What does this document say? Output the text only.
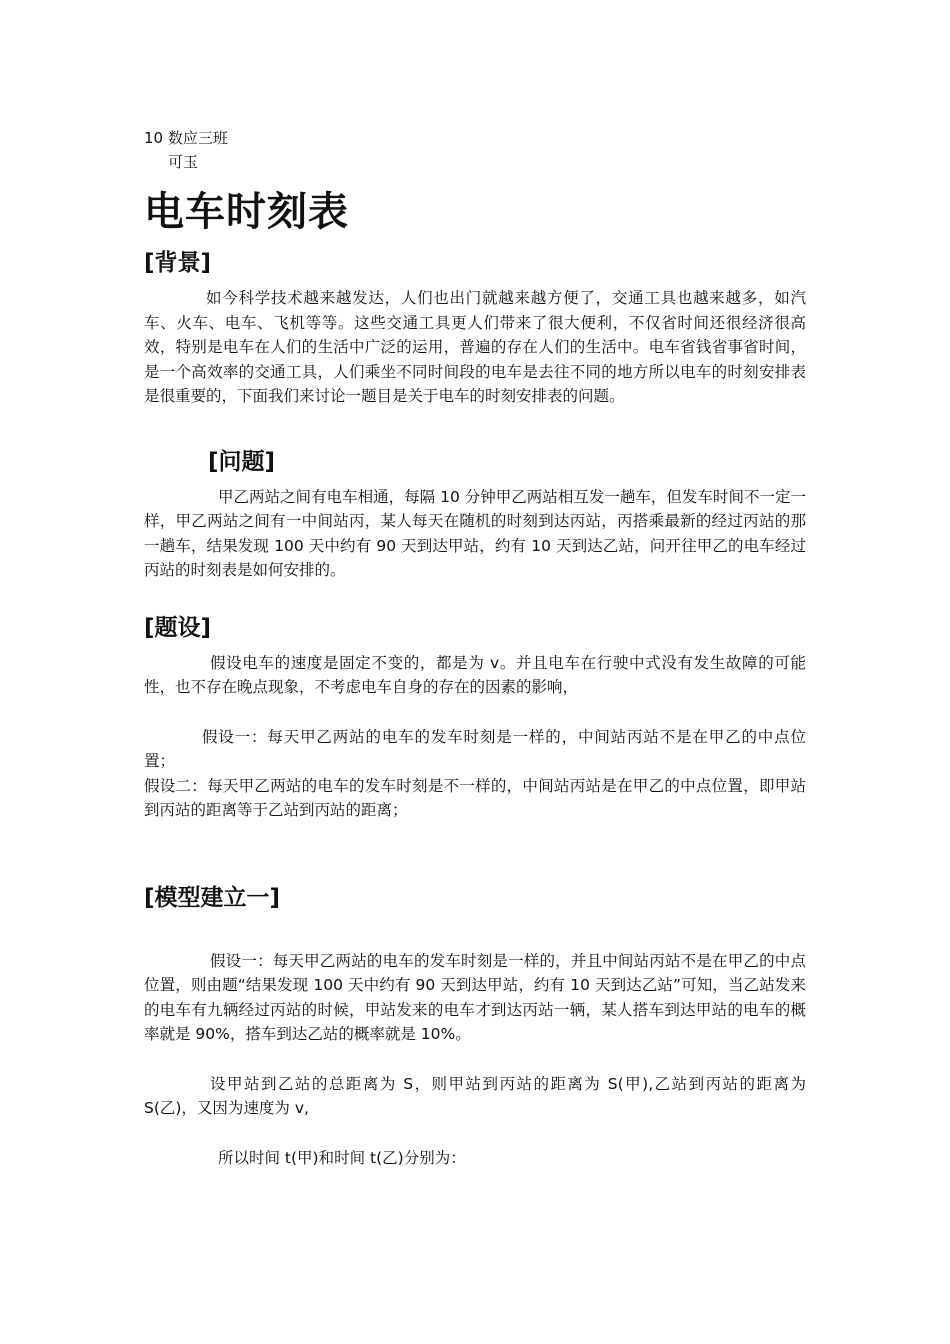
10 数应三班

可玉

电车时刻表
[背景]

如今科学技术越来越发达，人们也出门就越来越方便了，交通工具也越来越多，如汽车、火车、电车、飞机等等。这些交通工具更人们带来了很大便利，不仅省时间还很经济很高效，特别是电车在人们的生活中广泛的运用，普遍的存在人们的生活中。电车省钱省事省时间，是一个高效率的交通工具，人们乘坐不同时间段的电车是去往不同的地方所以电车的时刻安排表是很重要的，下面我们来讨论一题目是关于电车的时刻安排表的问题。

[问题]

甲乙两站之间有电车相通，每隔 10 分钟甲乙两站相互发一趟车，但发车时间不一定一样，甲乙两站之间有一中间站丙，某人每天在随机的时刻到达丙站，丙搭乘最新的经过丙站的那一趟车，结果发现 100 天中约有 90 天到达甲站，约有 10 天到达乙站，问开往甲乙的电车经过丙站的时刻表是如何安排的。

[题设]

假设电车的速度是固定不变的，都是为 v。并且电车在行驶中式没有发生故障的可能性，也不存在晚点现象，不考虑电车自身的存在的因素的影响，

假设一：每天甲乙两站的电车的发车时刻是一样的，中间站丙站不是在甲乙的中点位置；

假设二：每天甲乙两站的电车的发车时刻是不一样的，中间站丙站是在甲乙的中点位置，即甲站到丙站的距离等于乙站到丙站的距离；

[模型建立一]

假设一：每天甲乙两站的电车的发车时刻是一样的，并且中间站丙站不是在甲乙的中点位置，则由题“结果发现 100 天中约有 90 天到达甲站，约有 10 天到达乙站”可知，当乙站发来的电车有九辆经过丙站的时候，甲站发来的电车才到达丙站一辆，某人搭车到达甲站的电车的概率就是 90%，搭车到达乙站的概率就是 10%。

设甲站到乙站的总距离为 S，则甲站到丙站的距离为 S(甲),乙站到丙站的距离为 S(乙)，又因为速度为 v,

所以时间 t(甲)和时间 t(乙)分别为：
